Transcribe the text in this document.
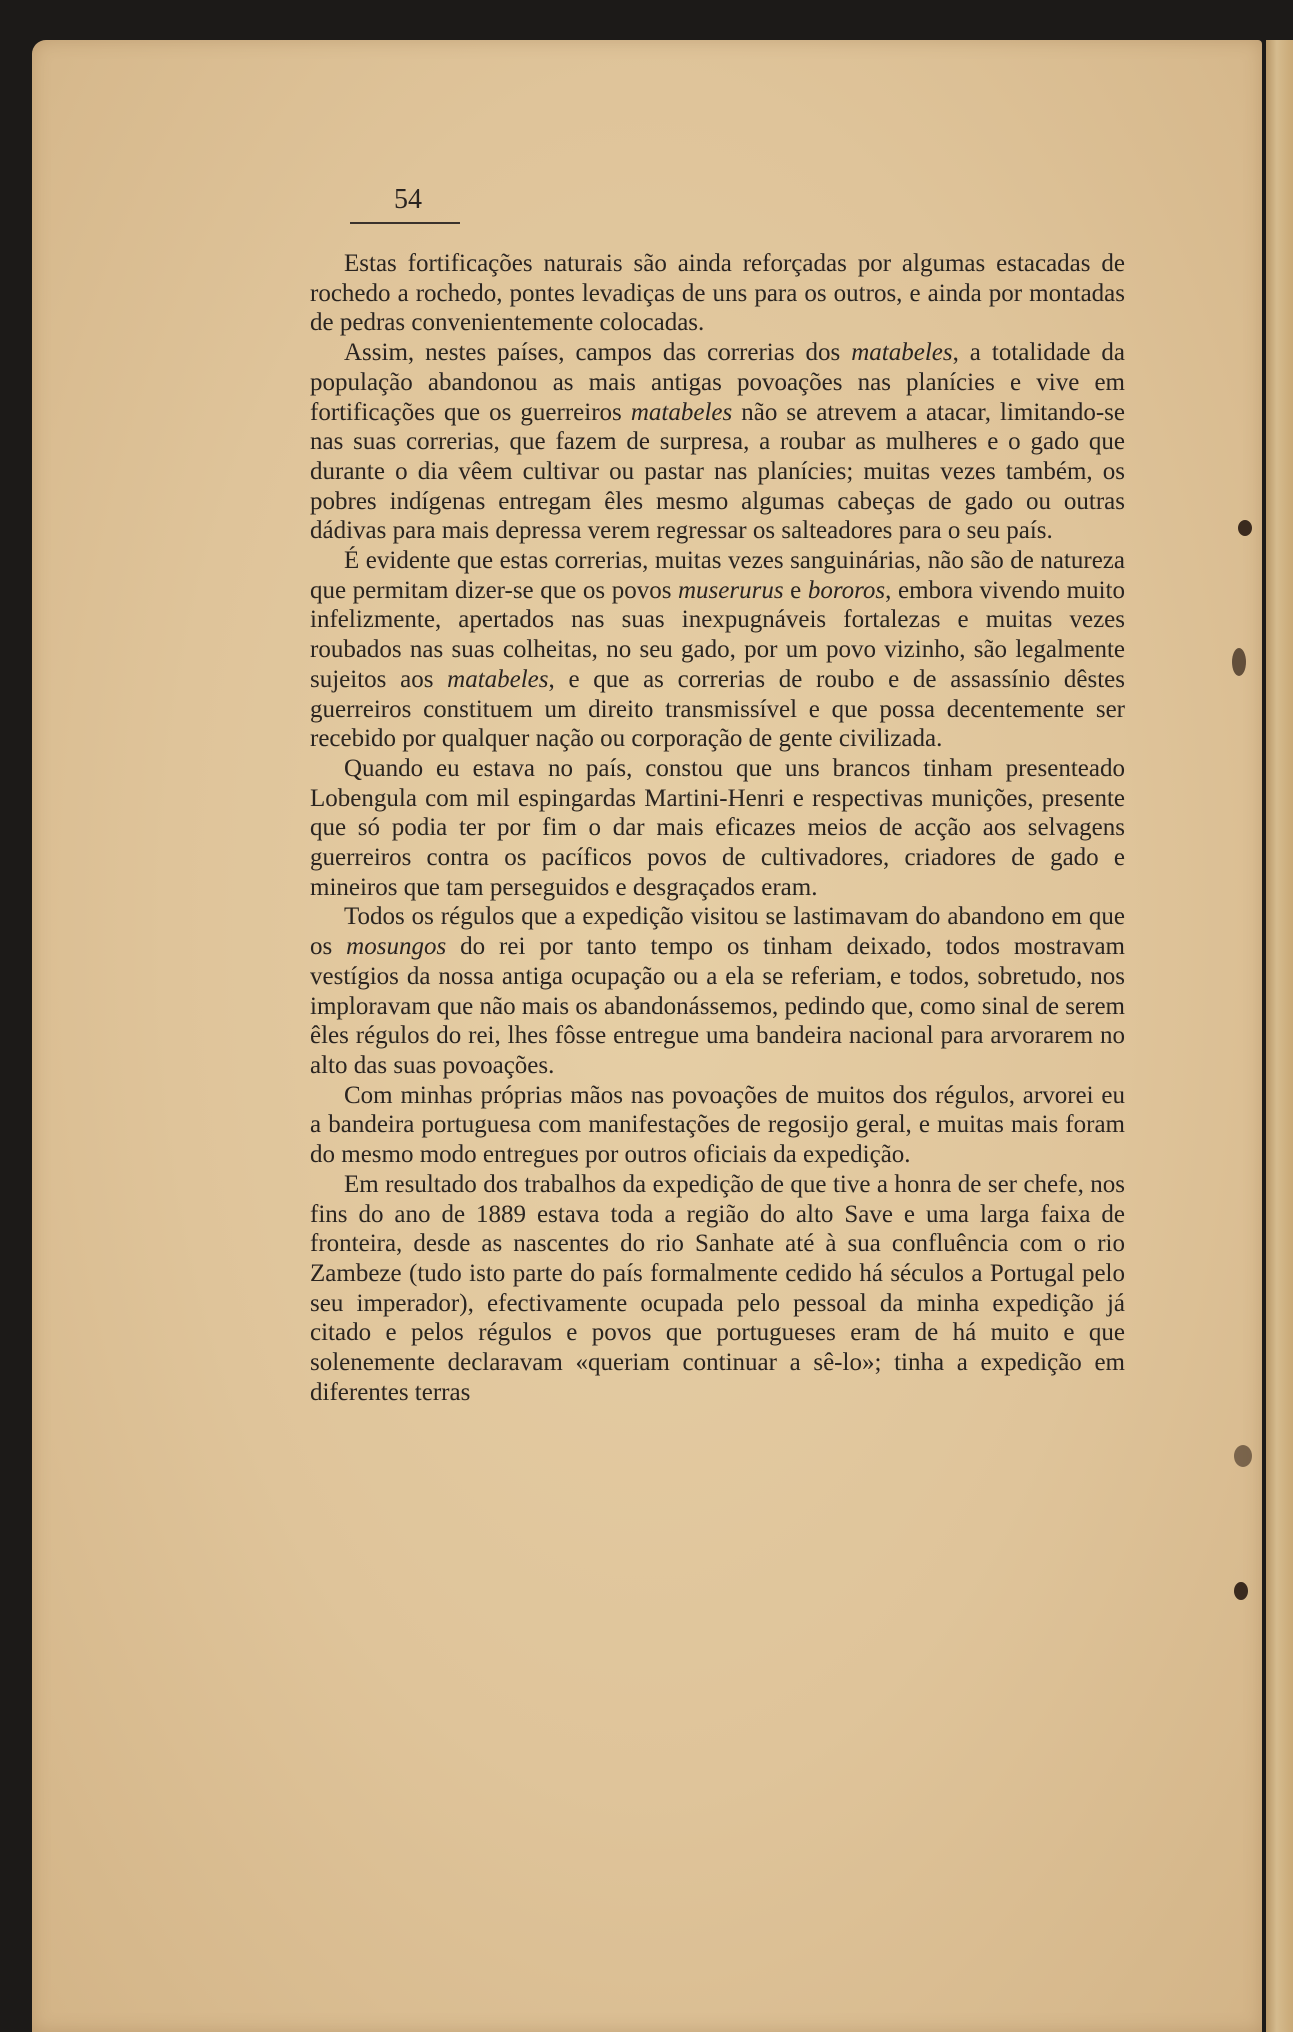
54

Estas fortificações naturais são ainda reforçadas por algumas estacadas de rochedo a rochedo, pontes levadiças de uns para os outros, e ainda por montadas de pedras convenientemente colocadas.

Assim, nestes países, campos das correrias dos matabeles, a totalidade da população abandonou as mais antigas povoações nas planícies e vive em fortificações que os guerreiros matabeles não se atrevem a atacar, limitando-se nas suas correrias, que fazem de surpresa, a roubar as mulheres e o gado que durante o dia vêem cultivar ou pastar nas planícies; muitas vezes também, os pobres indígenas entregam êles mesmo algumas cabeças de gado ou outras dádivas para mais depressa verem regressar os salteadores para o seu país.

É evidente que estas correrias, muitas vezes sanguinárias, não são de natureza que permitam dizer-se que os povos muserurus e bororos, embora vivendo muito infelizmente, apertados nas suas inexpugnáveis fortalezas e muitas vezes roubados nas suas colheitas, no seu gado, por um povo vizinho, são legalmente sujeitos aos matabeles, e que as correrias de roubo e de assassínio dêstes guerreiros constituem um direito transmissível e que possa decentemente ser recebido por qualquer nação ou corporação de gente civilizada.

Quando eu estava no país, constou que uns brancos tinham presenteado Lobengula com mil espingardas Martini-Henri e respectivas munições, presente que só podia ter por fim o dar mais eficazes meios de acção aos selvagens guerreiros contra os pacíficos povos de cultivadores, criadores de gado e mineiros que tam perseguidos e desgraçados eram.

Todos os régulos que a expedição visitou se lastimavam do abandono em que os mosungos do rei por tanto tempo os tinham deixado, todos mostravam vestígios da nossa antiga ocupação ou a ela se referiam, e todos, sobretudo, nos imploravam que não mais os abandonássemos, pedindo que, como sinal de serem êles régulos do rei, lhes fôsse entregue uma bandeira nacional para arvorarem no alto das suas povoações.

Com minhas próprias mãos nas povoações de muitos dos régulos, arvorei eu a bandeira portuguesa com manifestações de regosijo geral, e muitas mais foram do mesmo modo entregues por outros oficiais da expedição.

Em resultado dos trabalhos da expedição de que tive a honra de ser chefe, nos fins do ano de 1889 estava toda a região do alto Save e uma larga faixa de fronteira, desde as nascentes do rio Sanhate até à sua confluência com o rio Zambeze (tudo isto parte do país formalmente cedido há séculos a Portugal pelo seu imperador), efectivamente ocupada pelo pessoal da minha expedição já citado e pelos régulos e povos que portugueses eram de há muito e que solenemente declaravam «queriam continuar a sê-lo»; tinha a expedição em diferentes terras
